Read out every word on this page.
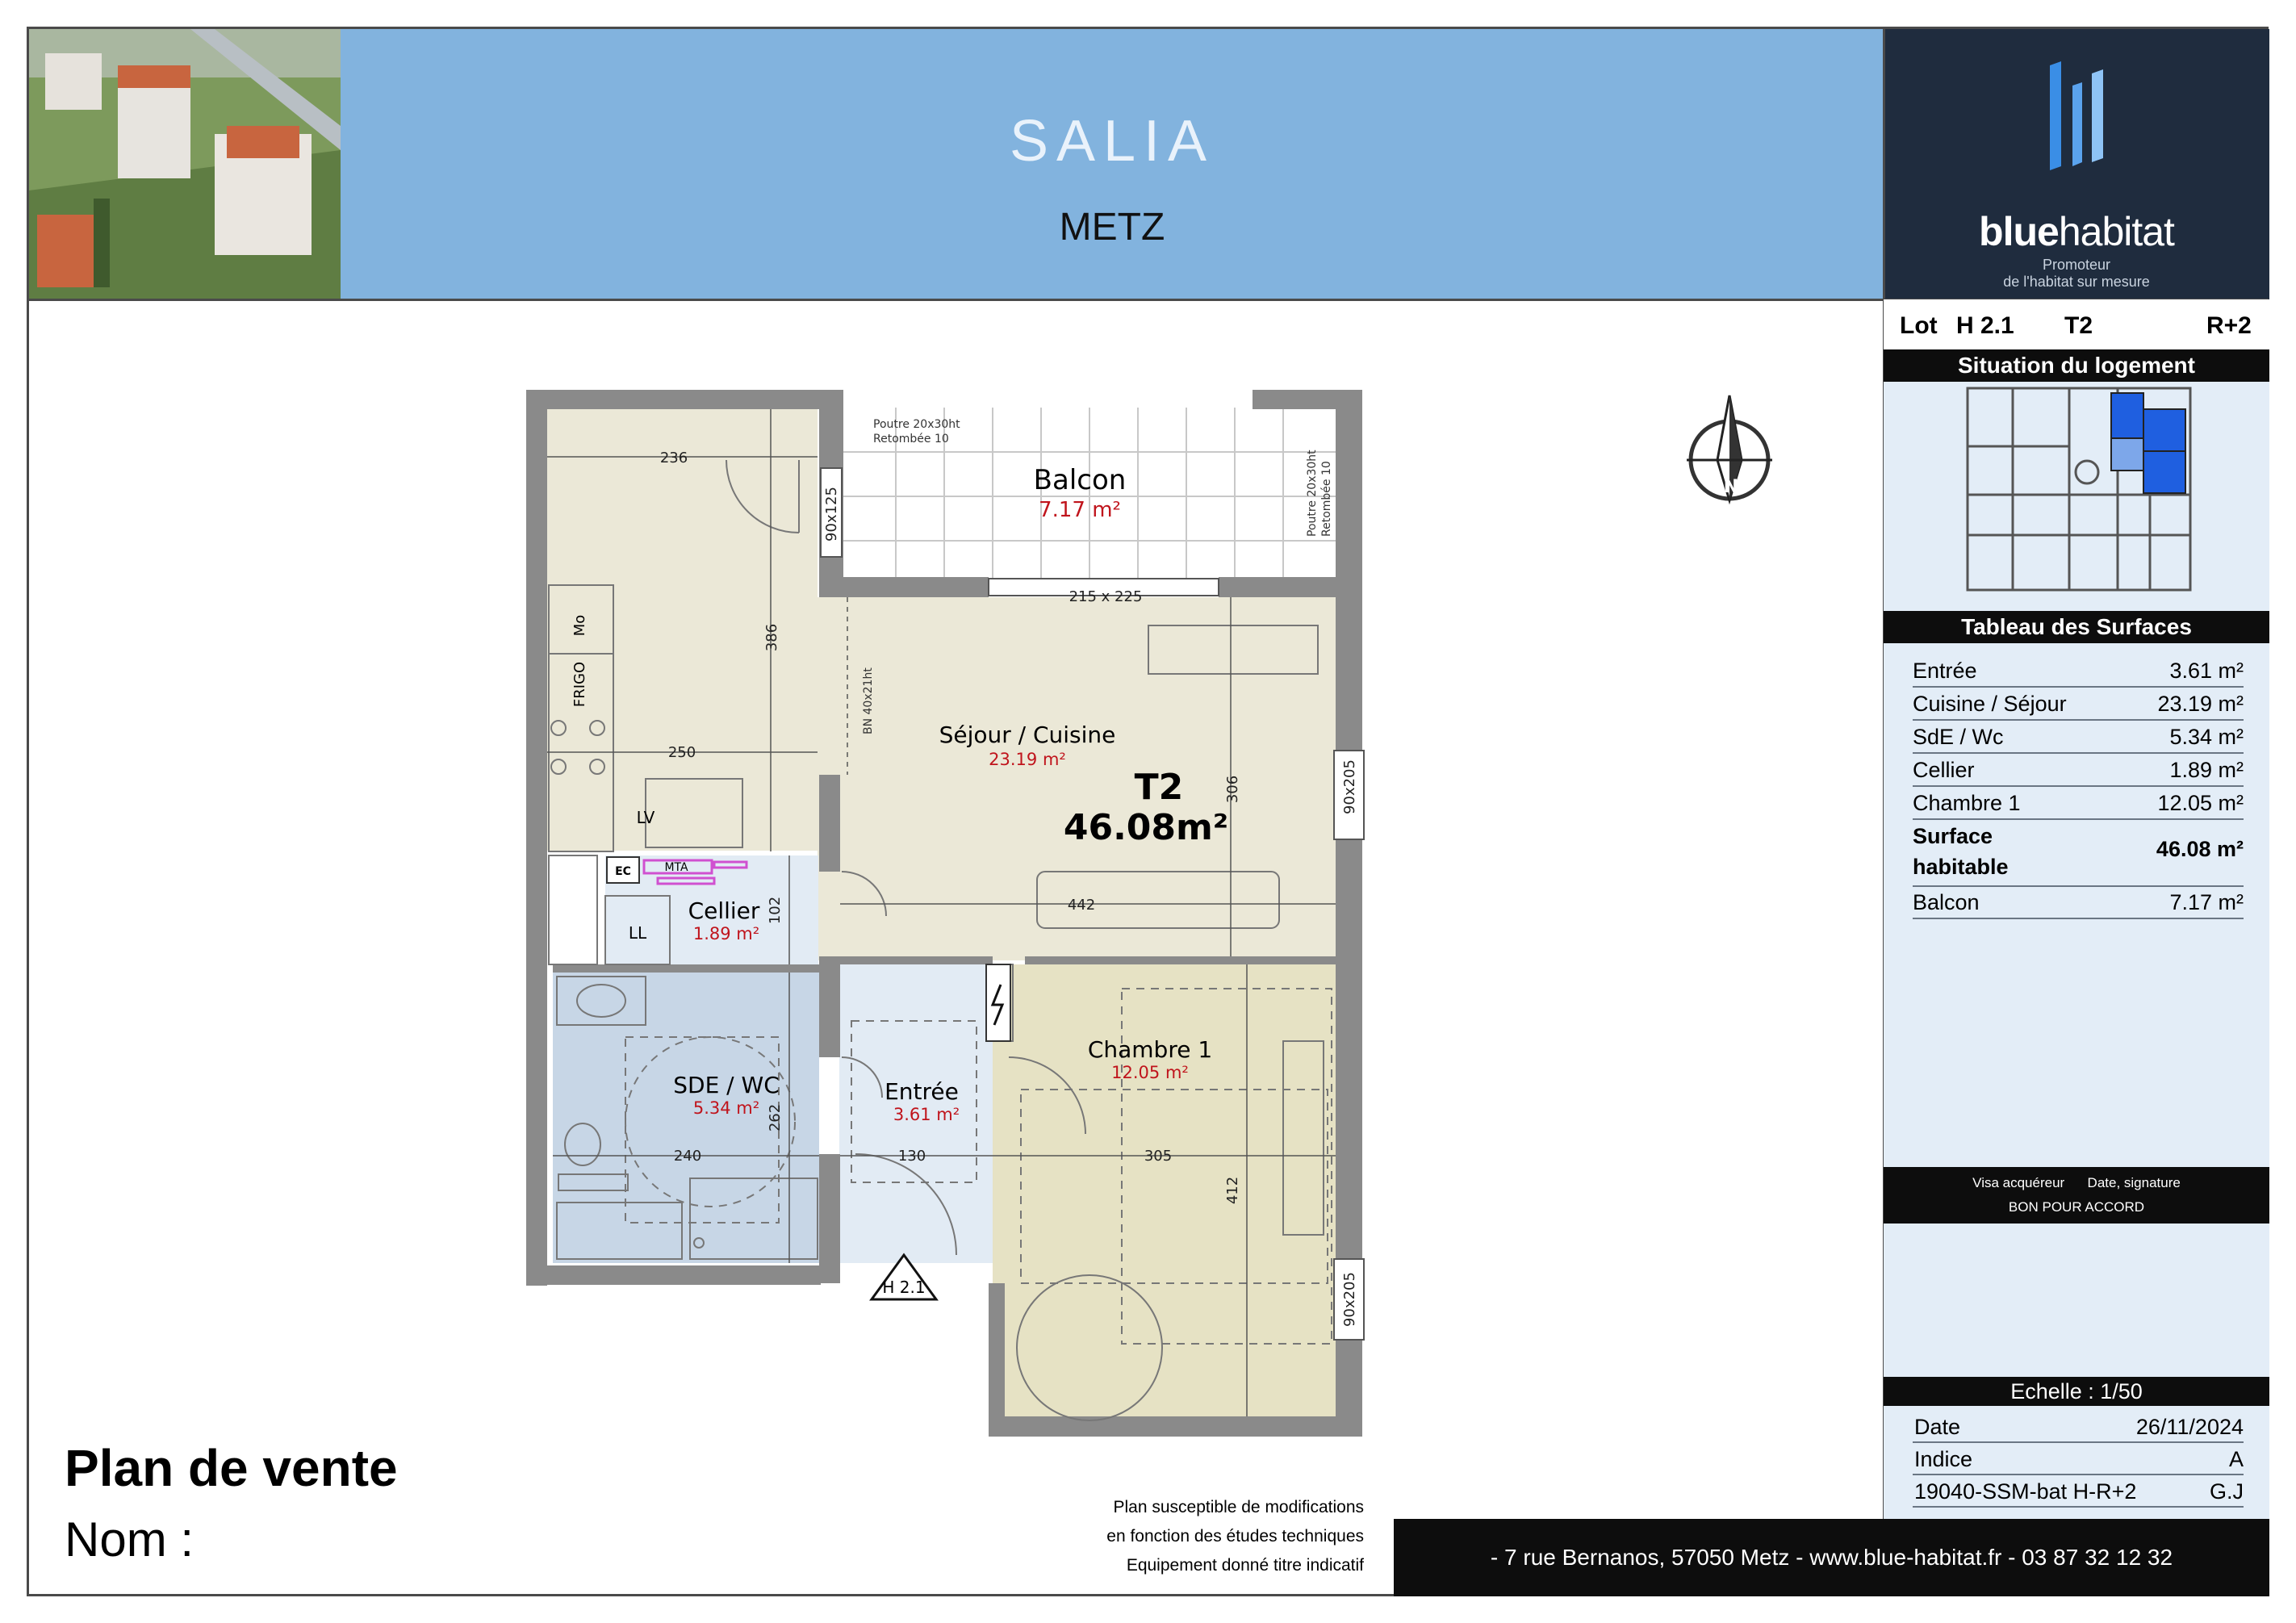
SALIA
METZ	bluehabitat
Promoteur
de l'habitat sur mesure
Lot H 2.1 T2	R+2
Situation du logement
Tableau des Surfaces
Entrée	3.61 m²
Cuisine / Séjour	23.19 m²
SdE / Wc	5.34 m²
Cellier	1.89 m²
Chambre 1	12.05 m²
Surface
habitable
46.08 m²
Balcon	7.17 m²
Visa acquéreur Date, signature
BON POUR ACCORD
Echelle : 1/50
Date	26/11/2024
Indice	A
19040-SSM-bat H-R+2	G.J
Plan de vente
Nom :
Plan susceptible de modifications
en fonction des études techniques
Equipement donné titre indicatif	- 7 rue Bernanos, 57050 Metz - www.blue-habitat.fr - 03 87 32 12 32
Balcon
7.17 m²
Séjour / Cuisine
23.19 m²
T2
46.08m²
Cellier
1.89 m²
SDE / WC
5.34 m²
Entrée
3.61 m²
Chambre 1
12.05 m²
Mo
FRIGO
LV
EC	MTA
LL
Poutre 20x30ht
Retombée 10
Poutre 20x30ht Retombée 10
BN 40x21ht
236
386
250
442
306
102
262
240	130	305
412
215 x 225
90x125
90x205
90x205
H 2.1
N
